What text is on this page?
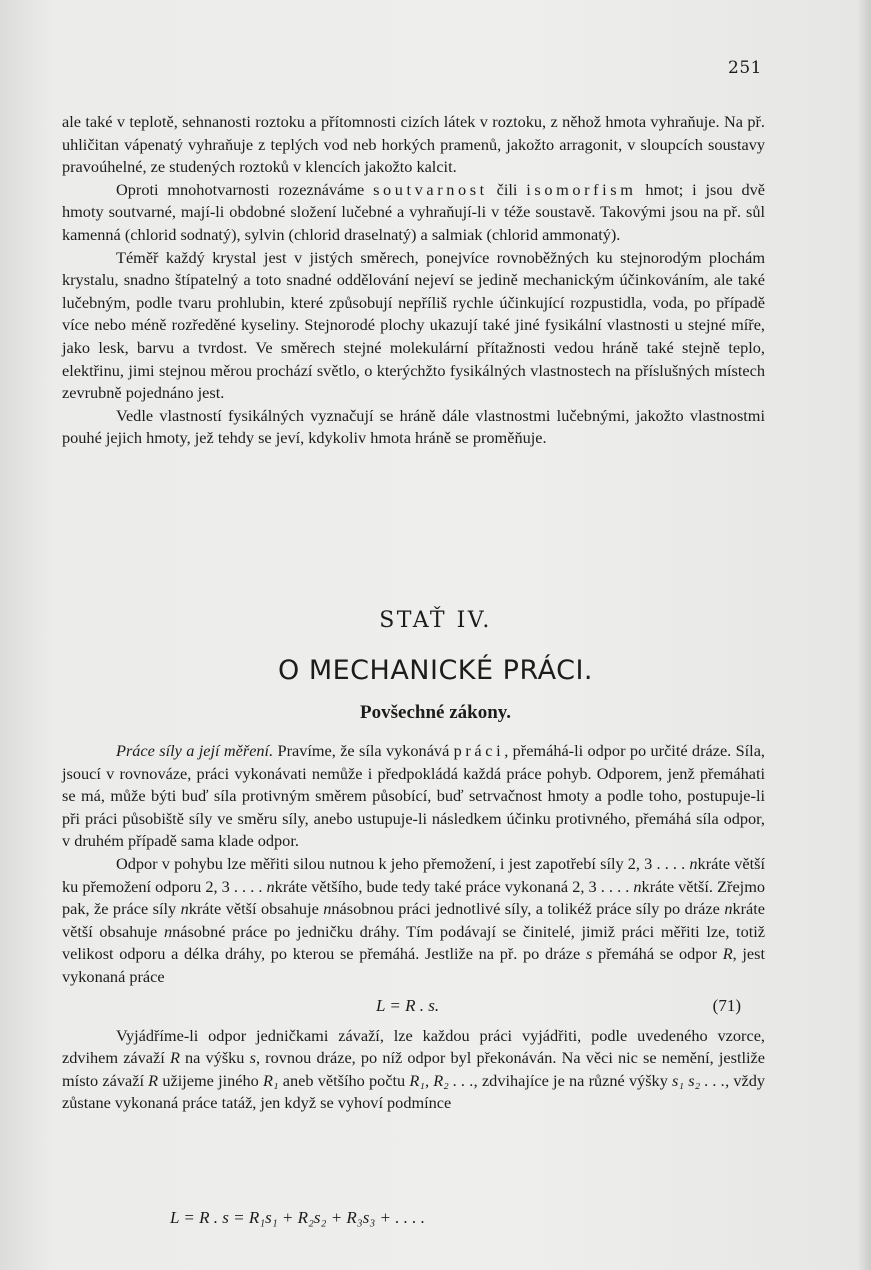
251

ale také v teplotě, sehnanosti roztoku a přítomnosti cizích látek v roztoku, z něhož hmota vyhraňuje. Na př. uhličitan vápenatý vyhraňuje z teplých vod neb horkých pramenů, jakožto arragonit, v sloupcích soustavy pravoúhelné, ze studených roztoků v klencích jakožto kalcit.

Oproti mnohotvarnosti rozeznáváme soutvarnost čili isomorfism hmot; i jsou dvě hmoty soutvarné, mají-li obdobné složení lučebné a vyhraňují-li v téže soustavě. Takovými jsou na př. sůl kamenná (chlorid sodnatý), sylvin (chlorid draselnatý) a salmiak (chlorid ammonatý).

Téměř každý krystal jest v jistých směrech, ponejvíce rovnoběžných ku stejnorodým plochám krystalu, snadno štípatelný a toto snadné oddělování nejeví se jedině mechanickým účinkováním, ale také lučebným, podle tvaru prohlubin, které způsobují nepříliš rychle účinkující rozpustidla, voda, po případě více nebo méně rozředěné kyseliny. Stejnorodé plochy ukazují také jiné fysikální vlastnosti u stejné míře, jako lesk, barvu a tvrdost. Ve směrech stejné molekulární přítažnosti vedou hráně také stejně teplo, elektřinu, jimi stejnou měrou prochází světlo, o kterýchžto fysikálných vlastnostech na příslušných místech zevrubně pojednáno jest.

Vedle vlastností fysikálných vyznačují se hráně dále vlastnostmi lučebnými, jakožto vlastnostmi pouhé jejich hmoty, jež tehdy se jeví, kdykoliv hmota hráně se proměňuje.

STAŤ IV.
O MECHANICKÉ PRÁCI.
Povšechné zákony.

Práce síly a její měření. Pravíme, že síla vykonává práci, přemáhá-li odpor po určité dráze. Síla, jsoucí v rovnováze, práci vykonávati nemůže i předpokládá každá práce pohyb. Odporem, jenž přemáhati se má, může býti buď síla protivným směrem působící, buď setrvačnost hmoty a podle toho, postupuje-li při práci působiště síly ve směru síly, anebo ustupuje-li následkem účinku protivného, přemáhá síla odpor, v druhém případě sama klade odpor.

Odpor v pohybu lze měřiti silou nutnou k jeho přemožení, i jest zapotřebí síly 2, 3 . . . . nkráte větší ku přemožení odporu 2, 3 . . . . nkráte většího, bude tedy také práce vykonaná 2, 3 . . . . nkráte větší. Zřejmo pak, že práce síly nkráte větší obsahuje nnásobnou práci jednotlivé síly, a tolikéž práce síly po dráze nkráte větší obsahuje nnásobné práce po jedničku dráhy. Tím podávají se činitelé, jimiž práci měřiti lze, totiž velikost odporu a délka dráhy, po kterou se přemáhá. Jestliže na př. po dráze s přemáhá se odpor R, jest vykonaná práce

L = R . s.	(71)

Vyjádříme-li odpor jedničkami závaží, lze každou práci vyjádřiti, podle uvedeného vzorce, zdvihem závaží R na výšku s, rovnou dráze, po níž odpor byl překonáván. Na věci nic se nemění, jestliže místo závaží R užijeme jiného R₁ aneb většího počtu R₁, R₂ . . ., zdvihajíce je na různé výšky s₁ s₂ . . ., vždy zůstane vykonaná práce tatáž, jen když se vyhoví podmínce

L = R . s = R₁s₁ + R₂s₂ + R₃s₃ + . . . .
